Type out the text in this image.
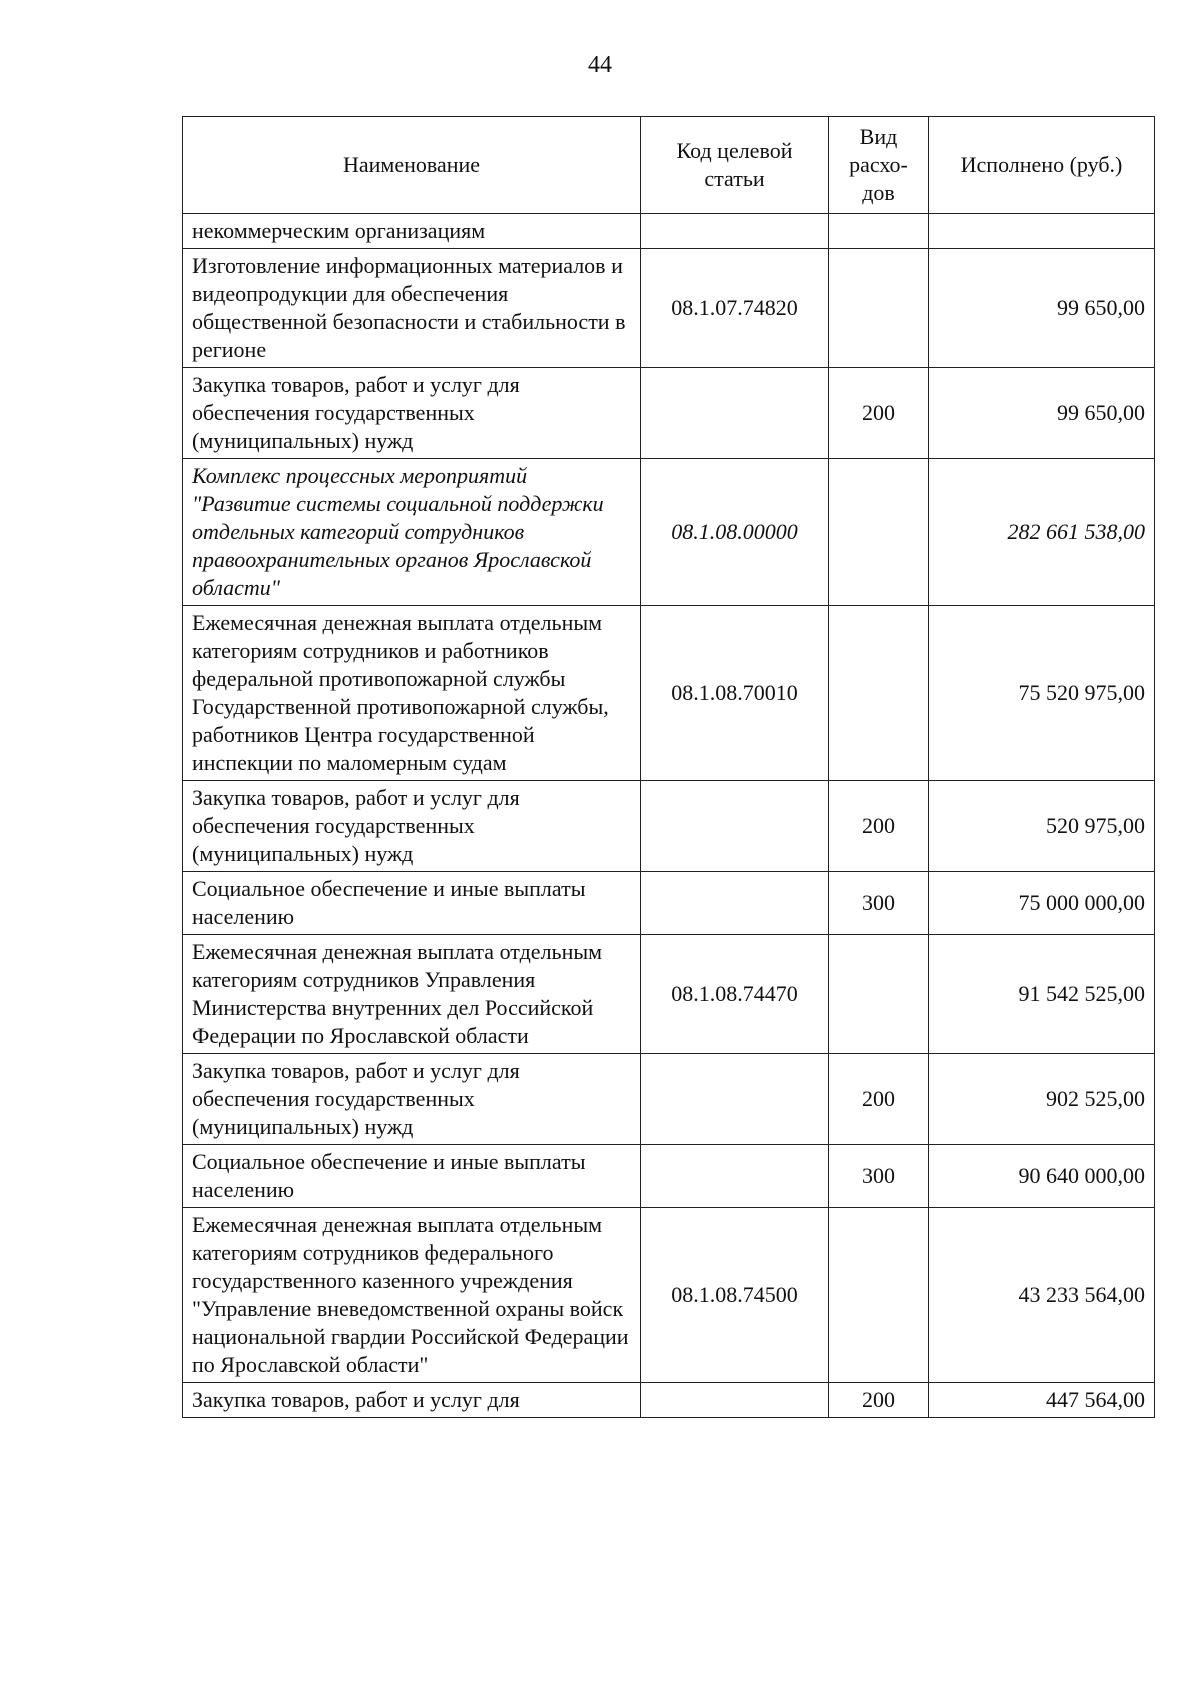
44
Наименование	Код целевой статьи	Вид расхо- дов	Исполнено (руб.)
некоммерческим организациям			
Изготовление информационных материалов и видеопродукции для обеспечения общественной безопасности и стабильности в регионе	08.1.07.74820		99 650,00
Закупка товаров, работ и услуг для обеспечения государственных (муниципальных) нужд		200	99 650,00
Комплекс процессных мероприятий "Развитие системы социальной поддержки отдельных категорий сотрудников правоохранительных органов Ярославской области"	08.1.08.00000		282 661 538,00
Ежемесячная денежная выплата отдельным категориям сотрудников и работников федеральной противопожарной службы Государственной противопожарной службы, работников Центра государственной инспекции по маломерным судам	08.1.08.70010		75 520 975,00
Закупка товаров, работ и услуг для обеспечения государственных (муниципальных) нужд		200	520 975,00
Социальное обеспечение и иные выплаты населению		300	75 000 000,00
Ежемесячная денежная выплата отдельным категориям сотрудников Управления Министерства внутренних дел Российской Федерации по Ярославской области	08.1.08.74470		91 542 525,00
Закупка товаров, работ и услуг для обеспечения государственных (муниципальных) нужд		200	902 525,00
Социальное обеспечение и иные выплаты населению		300	90 640 000,00
Ежемесячная денежная выплата отдельным категориям сотрудников федерального государственного казенного учреждения "Управление вневедомственной охраны войск национальной гвардии Российской Федерации по Ярославской области"	08.1.08.74500		43 233 564,00
Закупка товаров, работ и услуг для		200	447 564,00
